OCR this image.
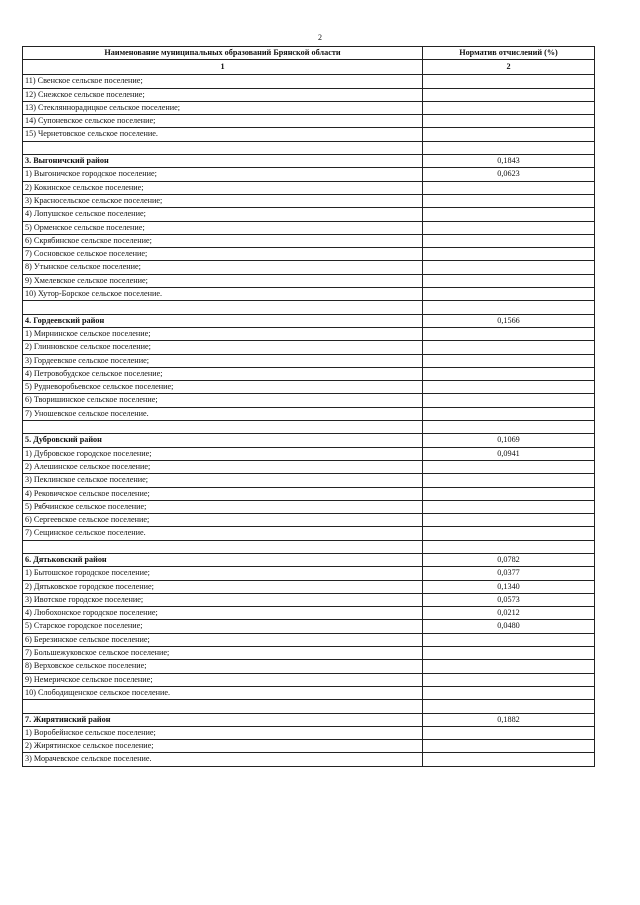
2
Наименование муниципальных образований Брянской области	Норматив отчислений (%)
1	2
11) Свенское сельское поселение;	
12) Снежское сельское поселение;	
13) Стекляннорадицкое сельское поселение;	
14) Супоневское сельское поселение;	
15) Чернетовское сельское поселение.	

3. Выгоничский район	0,1843
1) Выгоничское городское поселение;	0,0623
2) Кокинское сельское поселение;	
3) Красносельское сельское поселение;	
4) Лопушское сельское поселение;	
5) Орменское сельское поселение;	
6) Скрябинское сельское поселение;	
7) Сосновское сельское поселение;	
8) Утынское сельское поселение;	
9) Хмелевское сельское поселение;	
10) Хутор-Борское сельское поселение.	

4. Гордеевский район	0,1566
1) Мирнинское сельское поселение;	
2) Глинновское сельское поселение;	
3) Гордеевское сельское поселение;	
4) Петровобудское сельское поселение;	
5) Рудневоробьевское сельское поселение;	
6) Творишинское сельское поселение;	
7) Уношевское сельское поселение.	

5. Дубровский район	0,1069
1) Дубровское городское поселение;	0,0941
2) Алешинское сельское поселение;	
3) Пеклинское сельское поселение;	
4) Рековичское сельское поселение;	
5) Рябчинское сельское поселение;	
6) Сергеевское сельское поселение;	
7) Сещинское сельское поселение.	

6. Дятьковский район	0,0782
1) Бытошское городское поселение;	0,0377
2) Дятьковское городское поселение;	0,1340
3) Ивотское городское поселение;	0,0573
4) Любохонское городское поселение;	0,0212
5) Старское городское поселение;	0,0480
6) Березинское сельское поселение;	
7) Большежуковское сельское поселение;	
8) Верховское сельское поселение;	
9) Немеричское сельское поселение;	
10) Слободищенское сельское поселение.	

7. Жирятинский район	0,1882
1) Воробейнское сельское поселение;	
2) Жирятинское сельское поселение;	
3) Морачевское сельское поселение.	
